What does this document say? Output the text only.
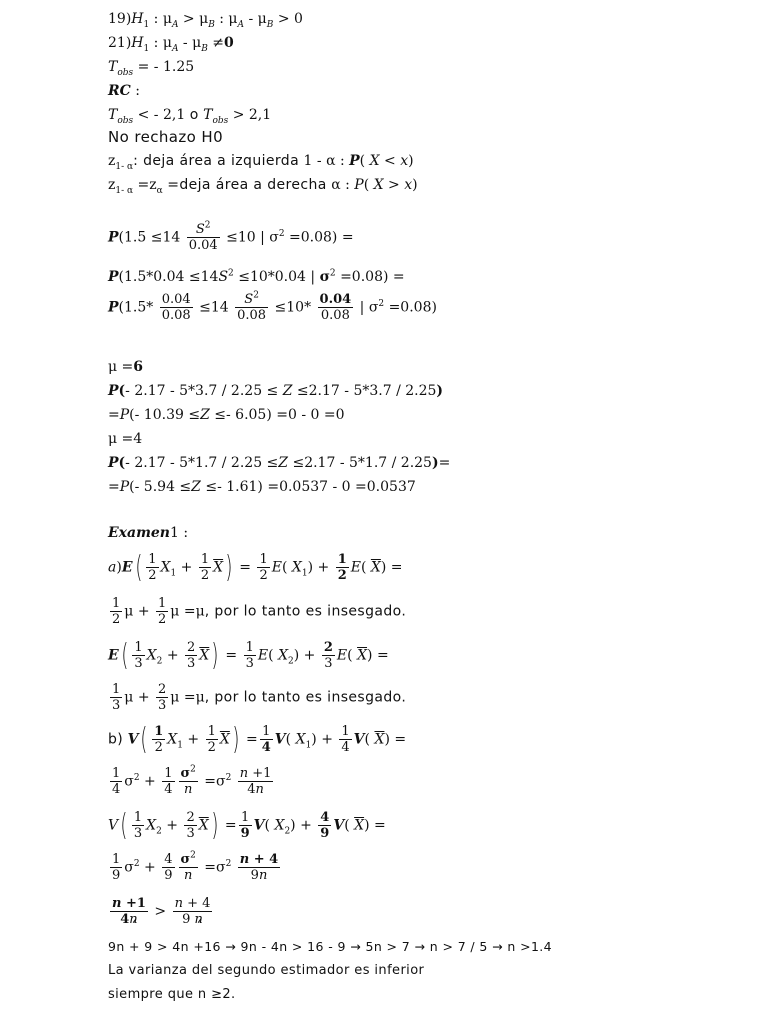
$19)H_1$ : $\mu_A > \mu_B$ : $\mu_A - \mu_B > 0$
$21)H_1$ : $\mu_A - \mu_B \ne 0$
$T_{obs}$ = - 1.25
RC :
$T_{obs}$ < - 2,1 o $T_{obs} > 2,1$
No rechazo H0
$z_{1- \alpha}$: deja área a izquierda 1 - α : P( X < x)
$z_{1- \alpha} =z_\alpha$ =deja área a derecha α : P( X > x)
$P(1.5 \le 14 \frac{S^2}{0.04} \le 10$ | $\sigma^2 =0.08$) =
$P(1.5*0.04 \le 14S^2 \le 10*0.04$ | $\sigma^2 =0.08$) =
$P(1.5* \frac{0.04}{0.08} \le 14 \frac{S^2}{0.08} \le 10* \frac{0.04}{0.08}$ | $\sigma^2 =0.08$)
μ =6
P(- 2.17 - 5*3.7 / 2.25 ≤ Z ≤2.17 - 5*3.7 / 2.25)
=P(- 10.39 ≤Z ≤- 6.05) =0 - 0 =0
μ =4
P(- 2.17 - 5*1.7 / 2.25 ≤Z ≤2.17 - 5*1.7 / 2.25)=
=P(- 5.94 ≤Z ≤- 1.61) =0.0537 - 0 =0.0537
Examen1 :
$a)E( \frac{1}{2} X_1 + \frac{1}{2} \overline{X}) = \frac{1}{2} E$( $X_1) + \frac{1}{2} E$( $\overline{X}$) =
$\frac{1}{2}$ $\mu + \frac{1}{2}$ μ =μ, por lo tanto es insesgado.
$E( \frac{1}{3} X_2 + \frac{2}{3} \overline{X}) = \frac{1}{3} E$( $X_2) + \frac{2}{3} E$( $\overline{X}$) =
$\frac{1}{3}$ $\mu + \frac{2}{3}$ μ =μ, por lo tanto es insesgado.
b) $V( \frac{1}{2} X_1 + \frac{1}{2} \overline{X}) = \frac{1}{4} V$( $X_1) + \frac{1}{4} V$( $\overline{X}$) =
$\frac{1}{4} \sigma^2 + \frac{1}{4} \frac{\sigma^2}{n} =\sigma^2 \frac{n +1}{4n}$
$V( \frac{1}{3} X_2 + \frac{2}{3} \overline{X}) = \frac{1}{9} V$( $X_2) + \frac{4}{9} V$( $\overline{X}$) =
$\frac{1}{9} \sigma^2 + \frac{4}{9} \frac{\sigma^2}{n} =\sigma^2 \frac{n + 4}{9n}$
$\frac{n +1}{4n} > \frac{n + 4}{9 n}$
9n + 9 > 4n +16 → 9n - 4n > 16 - 9 → 5n > 7 → n > 7 / 5 → n >1.4
La varianza del segundo estimador es inferior
siempre que n ≥2.
